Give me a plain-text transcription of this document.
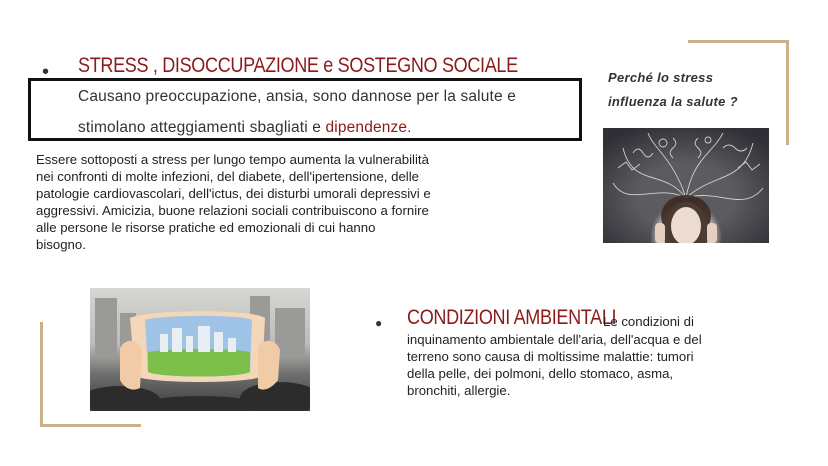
• STRESS , DISOCCUPAZIONE e SOSTEGNO SOCIALE
Causano preoccupazione, ansia, sono dannose per la salute e
stimolano atteggiamenti sbagliati e dipendenze.
Essere sottoposti a stress per lungo tempo aumenta la vulnerabilità
nei confronti di molte infezioni, del diabete, dell'ipertensione, delle
patologie cardiovascolari, dell'ictus, dei disturbi umorali depressivi e
aggressivi. Amicizia, buone relazioni sociali contribuiscono a fornire
alle persone le risorse pratiche ed emozionali di cui hanno
bisogno.
Perché lo stress
influenza la salute ?
● CONDIZIONI AMBIENTALI
Le condizioni di
inquinamento ambientale dell'aria, dell'acqua e del
terreno sono causa di moltissime malattie: tumori
della pelle, dei polmoni, dello stomaco, asma,
bronchiti, allergie.
